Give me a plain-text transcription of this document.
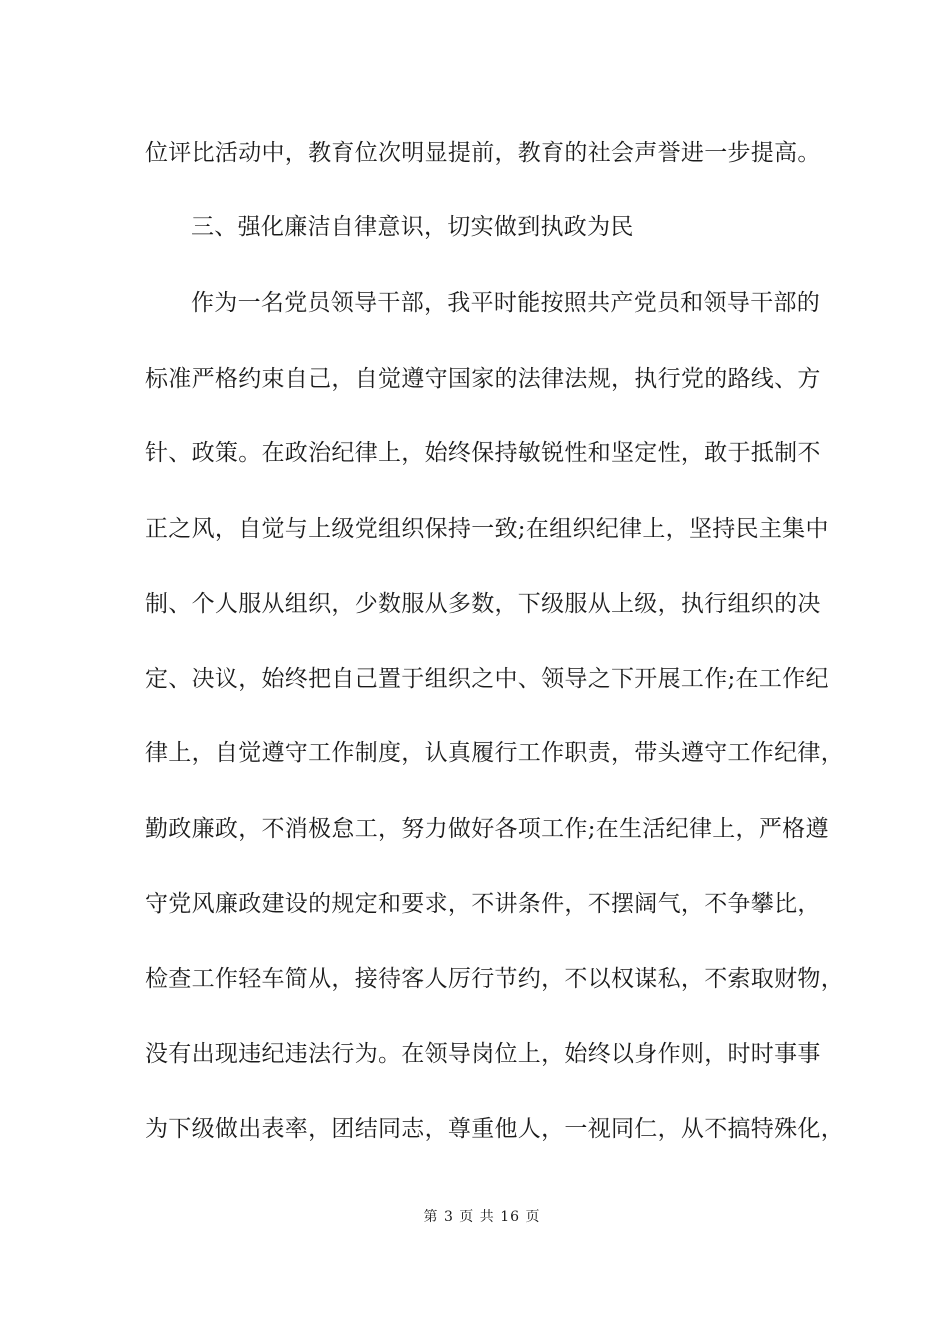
位评比活动中，教育位次明显提前，教育的社会声誉进一步提高。
三、强化廉洁自律意识，切实做到执政为民
作为一名党员领导干部，我平时能按照共产党员和领导干部的
标准严格约束自己，自觉遵守国家的法律法规，执行党的路线、方
针、政策。在政治纪律上，始终保持敏锐性和坚定性，敢于抵制不
正之风，自觉与上级党组织保持一致;在组织纪律上，坚持民主集中
制、个人服从组织，少数服从多数，下级服从上级，执行组织的决
定、决议，始终把自己置于组织之中、领导之下开展工作;在工作纪
律上，自觉遵守工作制度，认真履行工作职责，带头遵守工作纪律，
勤政廉政，不消极怠工，努力做好各项工作;在生活纪律上，严格遵
守党风廉政建设的规定和要求，不讲条件，不摆阔气，不争攀比，
检查工作轻车简从，接待客人厉行节约，不以权谋私，不索取财物，
没有出现违纪违法行为。在领导岗位上，始终以身作则，时时事事
为下级做出表率，团结同志，尊重他人，一视同仁，从不搞特殊化，
第 3 页 共 16 页
